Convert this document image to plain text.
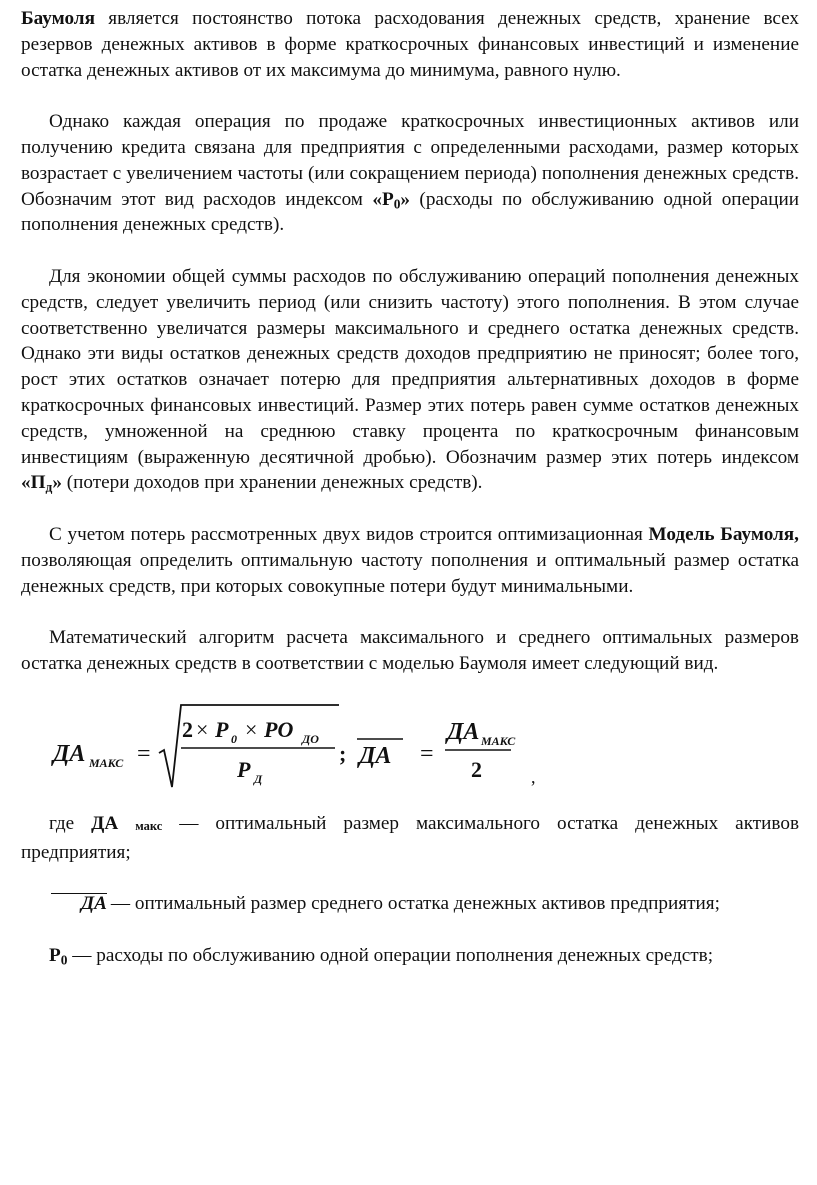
Баумоля является постоянство потока расходования денежных средств, хранение всех резервов денежных активов в форме краткосрочных финансовых инвестиций и изменение остатка денежных активов от их максимума до минимума, равного нулю.

Однако каждая операция по продаже краткосрочных инвестиционных активов или получению кредита связана для предприятия с определенными расходами, размер которых возрастает с увеличением частоты (или сокращением периода) пополнения денежных средств. Обозначим этот вид расходов индексом «$Р_0$» (расходы по обслуживанию одной операции пополнения денежных средств).

Для экономии общей суммы расходов по обслуживанию операций пополнения денежных средств, следует увеличить период (или снизить частоту) этого пополнения. В этом случае соответственно увеличатся размеры максимального и среднего остатка денежных средств. Однако эти виды остатков денежных средств доходов предприятию не приносят; более того, рост этих остатков означает потерю для предприятия альтернативных доходов в форме краткосрочных финансовых инвестиций. Размер этих потерь равен сумме остатков денежных средств, умноженной на среднюю ставку процента по краткосрочным финансовым инвестициям (выраженную десятичной дробью). Обозначим размер этих потерь индексом «$П_д$» (потери доходов при хранении денежных средств).

С учетом потерь рассмотренных двух видов строится оптимизационная Модель Баумоля, позволяющая определить оптимальную частоту пополнения и оптимальный размер остатка денежных средств, при которых совокупные потери будут минимальными.

Математический алгоритм расчета максимального и среднего оптимальных размеров остатка денежных средств в соответствии с моделью Баумоля имеет следующий вид.

ДА МАКС =
2 × P 0 × PO ДО
P Д
; ДА =
ДА МАКС
2	,

где ДА макс — оптимальный размер максимального остатка денежных активов предприятия;

ДА — оптимальный размер среднего остатка денежных активов предприятия;

$Р_0$ — расходы по обслуживанию одной операции пополнения денежных средств;
